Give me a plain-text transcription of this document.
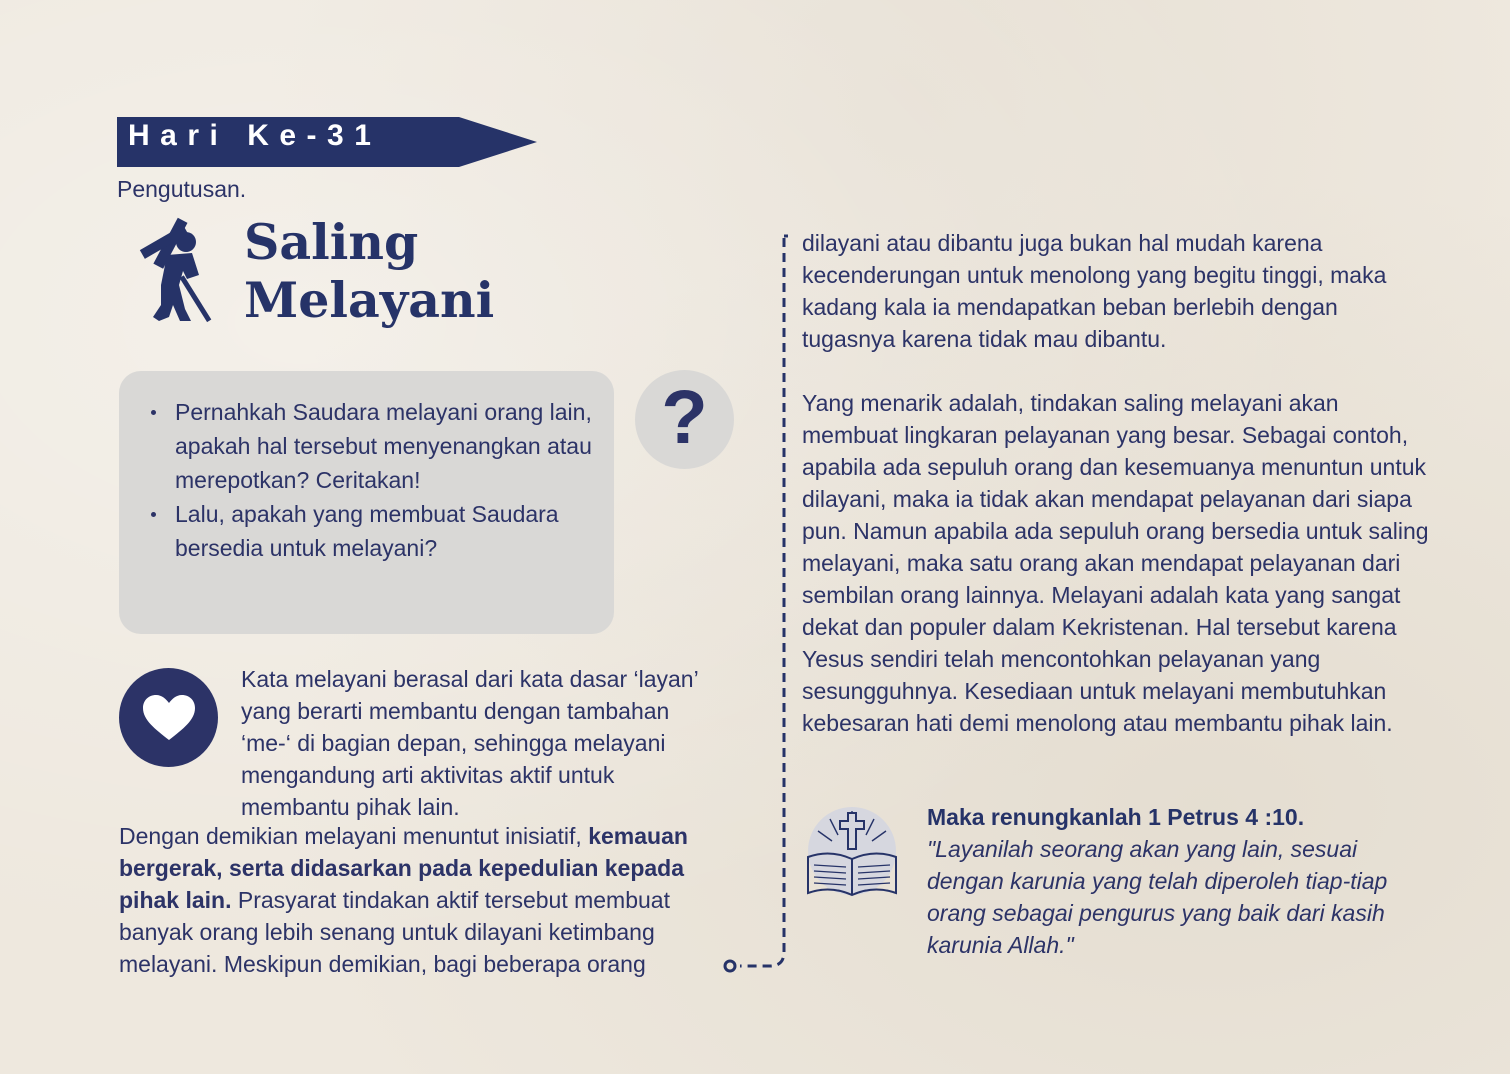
Hari Ke-31
Pengutusan.
Saling
Melayani
Pernahkah Saudara melayani orang lain, apakah hal tersebut menyenangkan atau merepotkan? Ceritakan!
Lalu, apakah yang membuat Saudara bersedia untuk melayani?
?

Kata melayani berasal dari kata dasar ‘layan’ yang berarti membantu dengan tambahan ‘me-‘ di bagian depan, sehingga melayani mengandung arti aktivitas aktif untuk membantu pihak lain.

Dengan demikian melayani menuntut inisiatif, kemauan bergerak, serta didasarkan pada kepedulian kepada pihak lain. Prasyarat tindakan aktif tersebut membuat banyak orang lebih senang untuk dilayani ketimbang melayani. Meskipun demikian, bagi beberapa orang

dilayani atau dibantu juga bukan hal mudah karena kecenderungan untuk menolong yang begitu tinggi, maka kadang kala ia mendapatkan beban berlebih dengan tugasnya karena tidak mau dibantu.

Yang menarik adalah, tindakan saling melayani akan membuat lingkaran pelayanan yang besar. Sebagai contoh, apabila ada sepuluh orang dan kesemuanya menuntun untuk dilayani, maka ia tidak akan mendapat pelayanan dari siapa pun. Namun apabila ada sepuluh orang bersedia untuk saling melayani, maka satu orang akan mendapat pelayanan dari sembilan orang lainnya. Melayani adalah kata yang sangat dekat dan populer dalam Kekristenan. Hal tersebut karena Yesus sendiri telah mencontohkan pelayanan yang sesungguhnya. Kesediaan untuk melayani membutuhkan kebesaran hati demi menolong atau membantu pihak lain.

Maka renungkanlah 1 Petrus 4 :10.

"Layanilah seorang akan yang lain, sesuai dengan karunia yang telah diperoleh tiap-tiap orang sebagai pengurus yang baik dari kasih karunia Allah."
